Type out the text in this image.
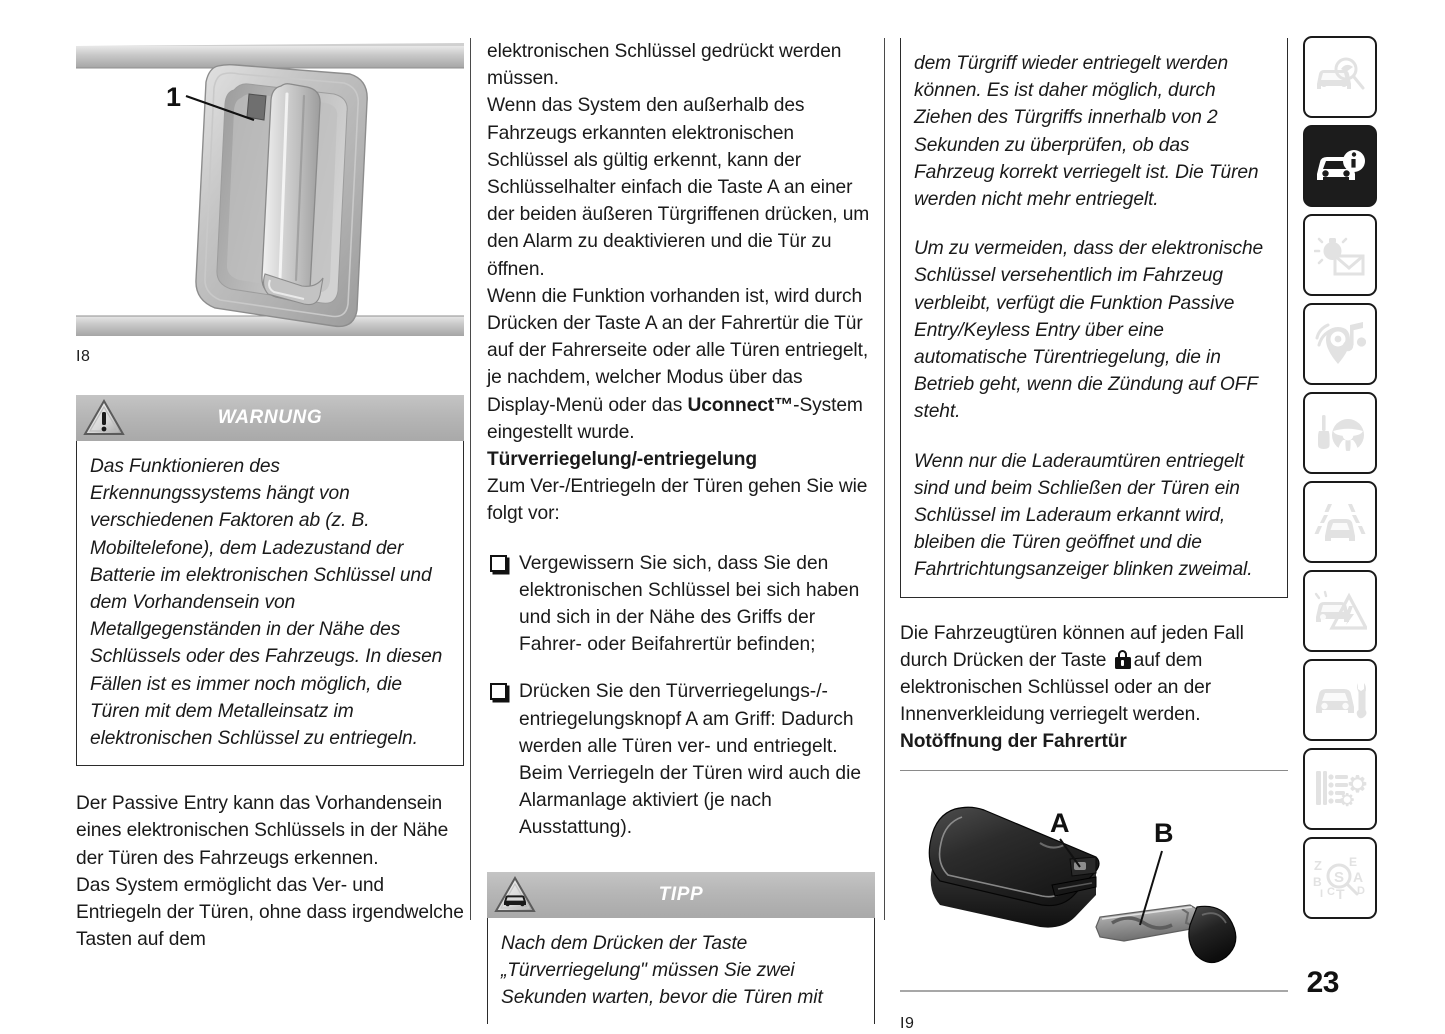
1
I8
WARNUNG

Das Funktionieren des Erkennungssystems hängt von verschiedenen Faktoren ab (z. B. Mobiltelefone), dem Ladezustand der Batterie im elektronischen Schlüssel und dem Vorhandensein von Metallgegenständen in der Nähe des Schlüssels oder des Fahrzeugs. In diesen Fällen ist es immer noch möglich, die Türen mit dem Metalleinsatz im elektronischen Schlüssel zu entriegeln.

Der Passive Entry kann das Vorhandensein eines elektronischen Schlüssels in der Nähe der Türen des Fahrzeugs erkennen.

Das System ermöglicht das Ver- und Entriegeln der Türen, ohne dass irgendwelche Tasten auf dem

elektronischen Schlüssel gedrückt werden müssen.

Wenn das System den außerhalb des Fahrzeugs erkannten elektronischen Schlüssel als gültig erkennt, kann der Schlüsselhalter einfach die Taste A an einer der beiden äußeren Türgriffenen drücken, um den Alarm zu deaktivieren und die Tür zu öffnen.

Wenn die Funktion vorhanden ist, wird durch Drücken der Taste A an der Fahrertür die Tür auf der Fahrerseite oder alle Türen entriegelt, je nachdem, welcher Modus über das Display-Menü oder das Uconnect™-System eingestellt wurde.

Türverriegelung/-entriegelung

Zum Ver-/Entriegeln der Türen gehen Sie wie folgt vor:

Vergewissern Sie sich, dass Sie den elektronischen Schlüssel bei sich haben und sich in der Nähe des Griffs der Fahrer- oder Beifahrertür befinden;
Drücken Sie den Türverriegelungs-/-entriegelungsknopf A am Griff: Dadurch werden alle Türen ver- und entriegelt. Beim Verriegeln der Türen wird auch die Alarmanlage aktiviert (je nach Ausstattung).
TIPP

Nach dem Drücken der Taste „Türverriegelung" müssen Sie zwei Sekunden warten, bevor die Türen mit

dem Türgriff wieder entriegelt werden können. Es ist daher möglich, durch Ziehen des Türgriffs innerhalb von 2 Sekunden zu überprüfen, ob das Fahrzeug korrekt verriegelt ist. Die Türen werden nicht mehr entriegelt.

Um zu vermeiden, dass der elektronische Schlüssel versehentlich im Fahrzeug verbleibt, verfügt die Funktion Passive Entry/Keyless Entry über eine automatische Türentriegelung, die in Betrieb geht, wenn die Zündung auf OFF steht.

Wenn nur die Laderaumtüren entriegelt sind und beim Schließen der Türen ein Schlüssel im Laderaum erkannt wird, bleiben die Türen geöffnet und die Fahrtrichtungsanzeiger blinken zweimal.

Die Fahrzeugtüren können auf jeden Fall durch Drücken der Taste
auf dem elektronischen Schlüssel oder an der Innenverkleidung verriegelt werden.

Notöffnung der Fahrertür

A	B
I9
Z
B
I C T
E
A
D
S
23
